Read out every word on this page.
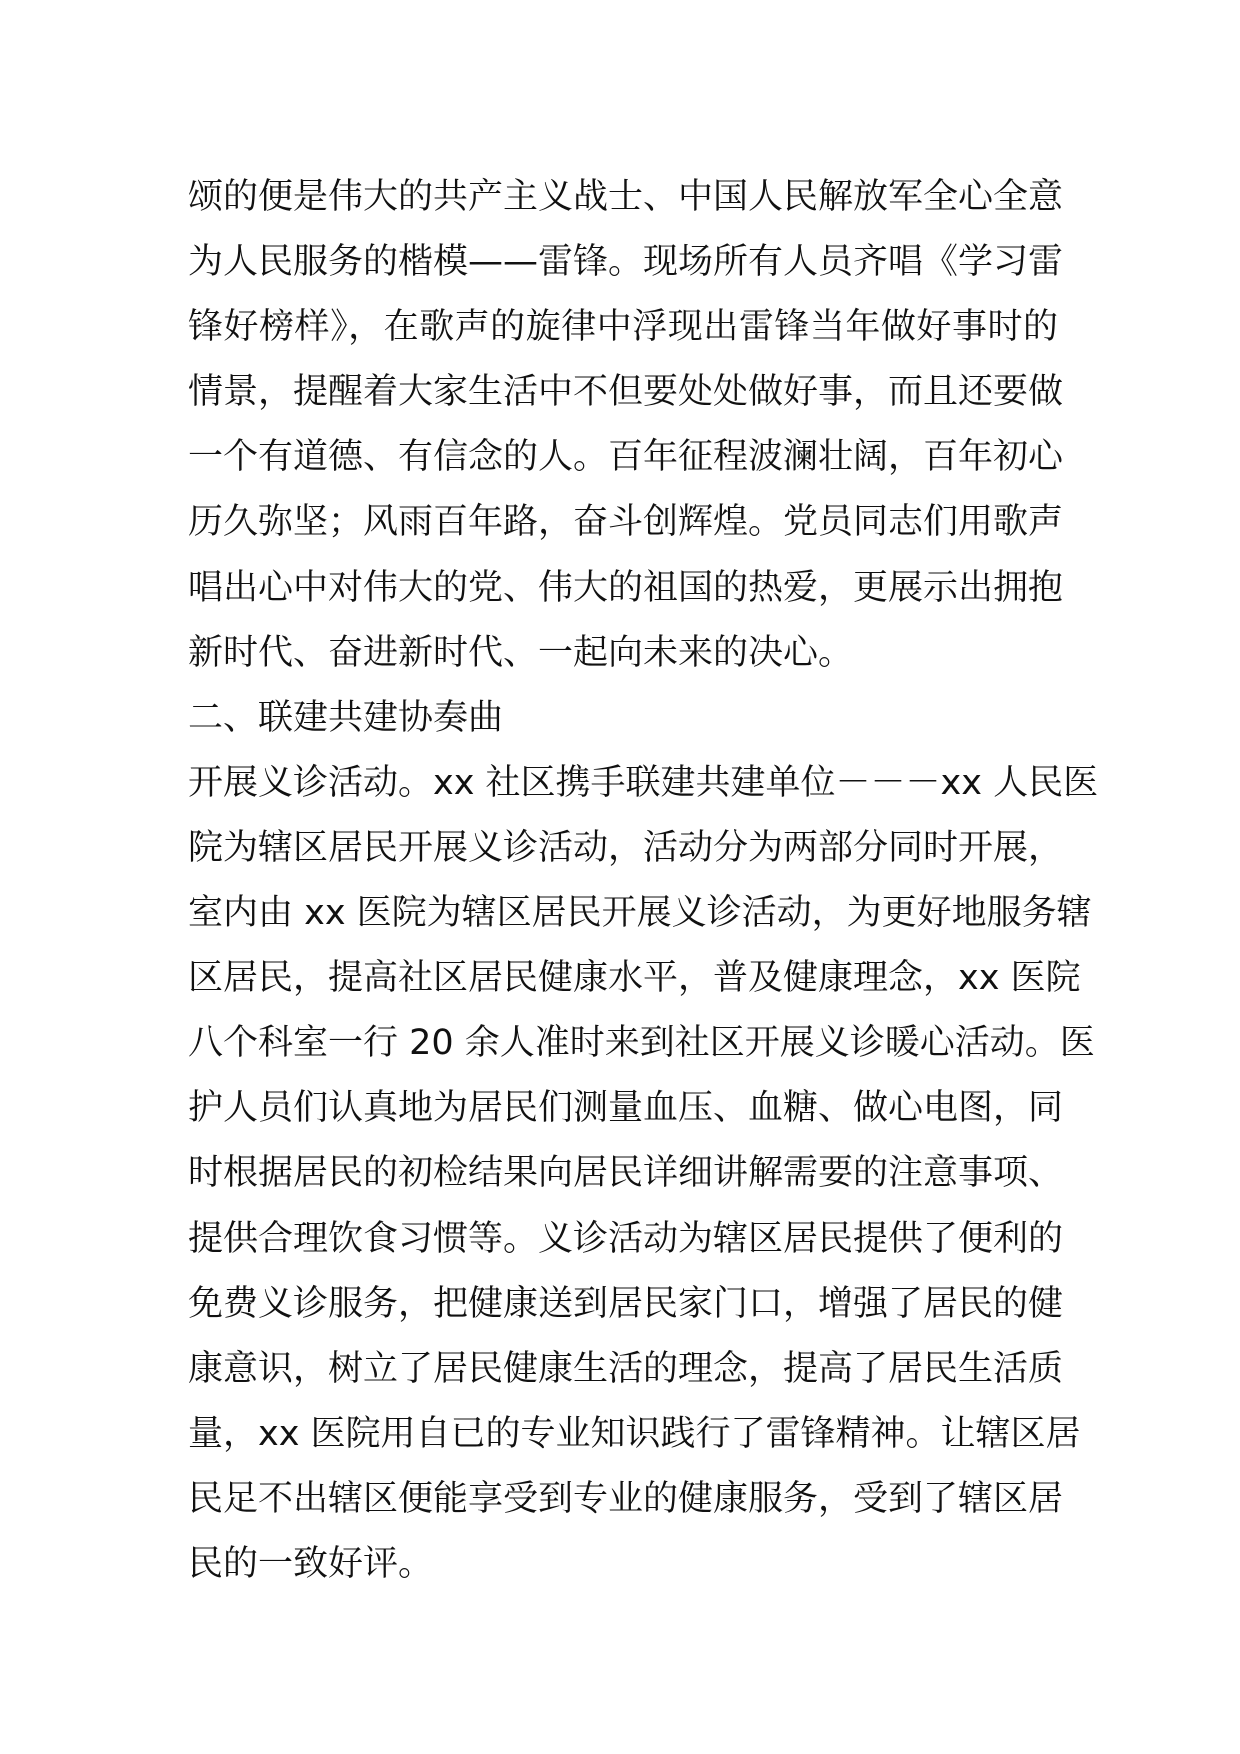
颂的便是伟大的共产主义战士、中国人民解放军全心全意
为人民服务的楷模——雷锋。现场所有人员齐唱《学习雷
锋好榜样》，在歌声的旋律中浮现出雷锋当年做好事时的
情景，提醒着大家生活中不但要处处做好事，而且还要做
一个有道德、有信念的人。百年征程波澜壮阔，百年初心
历久弥坚；风雨百年路，奋斗创辉煌。党员同志们用歌声
唱出心中对伟大的党、伟大的祖国的热爱，更展示出拥抱
新时代、奋进新时代、一起向未来的决心。
二、联建共建协奏曲
开展义诊活动。xx 社区携手联建共建单位－－－xx 人民医
院为辖区居民开展义诊活动，活动分为两部分同时开展，
室内由 xx 医院为辖区居民开展义诊活动，为更好地服务辖
区居民，提高社区居民健康水平，普及健康理念，xx 医院
八个科室一行 20 余人准时来到社区开展义诊暖心活动。医
护人员们认真地为居民们测量血压、血糖、做心电图，同
时根据居民的初检结果向居民详细讲解需要的注意事项、
提供合理饮食习惯等。义诊活动为辖区居民提供了便利的
免费义诊服务，把健康送到居民家门口，增强了居民的健
康意识，树立了居民健康生活的理念，提高了居民生活质
量，xx 医院用自已的专业知识践行了雷锋精神。让辖区居
民足不出辖区便能享受到专业的健康服务，受到了辖区居
民的一致好评。
